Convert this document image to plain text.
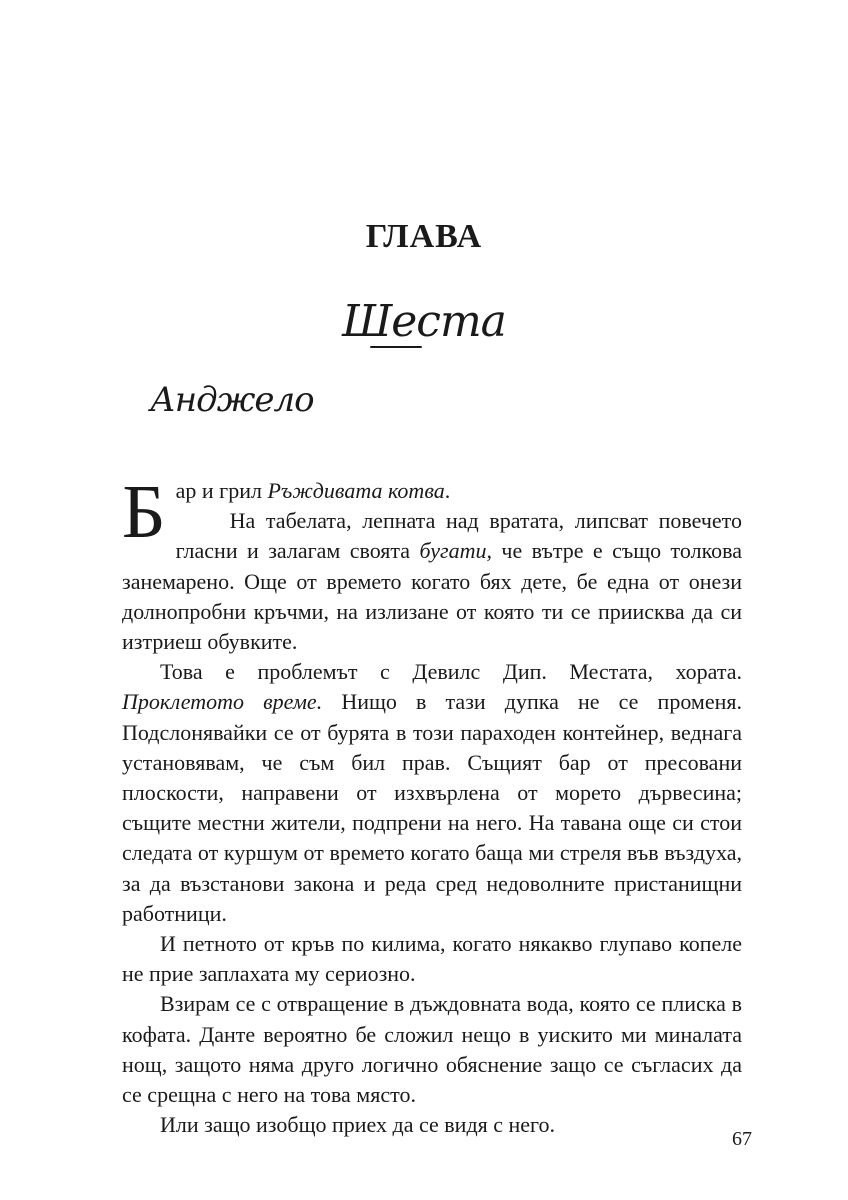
ГЛАВА
Шеста
Анджело

Бар и грил Ръждивата котва.
На табелата, лепната над вратата, липсват повечето гласни и залагам своята бугати, че вътре е също толкова занемарено. Още от времето когато бях дете, бе една от онези долнопробни кръчми, на излизане от която ти се приисква да си изтриеш обувките.

Това е проблемът с Девилс Дип. Местата, хората. Проклетото време. Нищо в тази дупка не се променя. Подслонявайки се от бурята в този параходен контейнер, веднага установявам, че съм бил прав. Същият бар от пресовани плоскости, направени от изхвърлена от морето дървесина; същите местни жители, подпрени на него. На тавана още си стои следата от куршум от времето когато баща ми стреля във въздуха, за да възстанови закона и реда сред недоволните пристанищни работници.

И петното от кръв по килима, когато някакво глупаво копеле не прие заплахата му сериозно.

Взирам се с отвращение в дъждовната вода, която се плиска в кофата. Данте вероятно бе сложил нещо в уискито ми миналата нощ, защото няма друго логично обяснение защо се съгласих да се срещна с него на това място.

Или защо изобщо приех да се видя с него.

67
